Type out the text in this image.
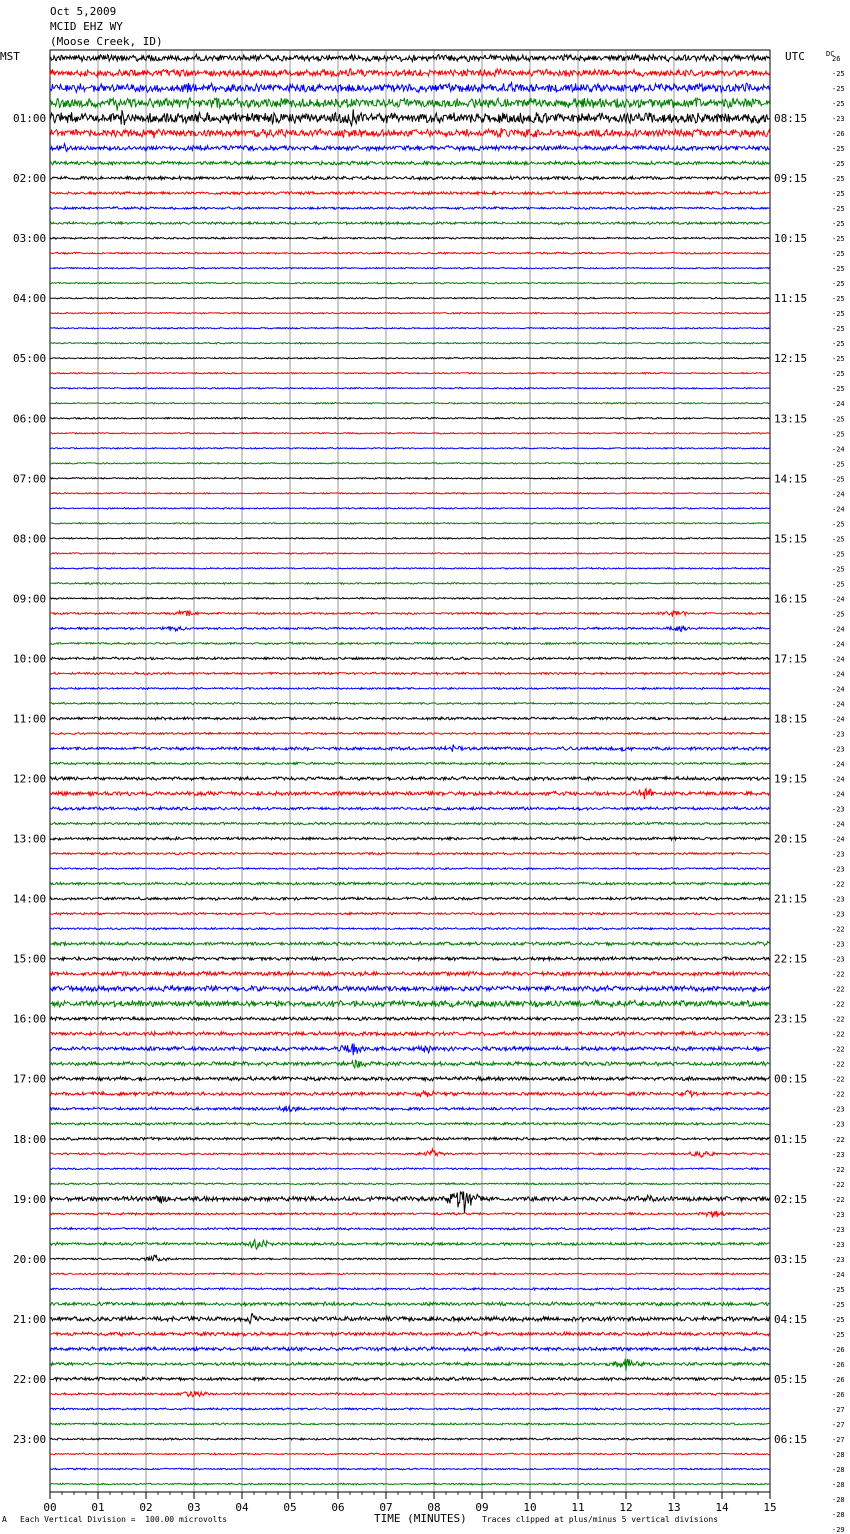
01:00
02:00
03:00
04:00
05:00
06:00
07:00
08:00
09:00
10:00
11:00
12:00
13:00
14:00
15:00
16:00
17:00
18:00
19:00
20:00
21:00
22:00
23:00
08:15
09:15
10:15
11:15
12:15
13:15
14:15
15:15
16:15
17:15
18:15
19:15
20:15
21:15
22:15
23:15
00:15
01:15
02:15
03:15
04:15
05:15
06:15
26
-25
-25
-25
-23
-26
-25
-25
-25
-25
-25
-25
-25
-25
-25
-25
-25
-25
-25
-25
-25
-25
-25
-24
-25
-25
-24
-25
-25
-24
-24
-25
-25
-25
-25
-25
-24
-25
-24
-24
-24
-24
-24
-24
-24
-23
-23
-24
-24
-24
-23
-24
-24
-23
-23
-22
-23
-23
-22
-23
-23
-22
-22
-22
-22
-22
-22
-22
-22
-22
-23
-23
-22
-23
-22
-22
-22
-23
-23
-23
-23
-24
-25
-25
-25
-25
-26
-26
-26
-26
-27
-27
-27
-28
-28
-28
-28
-28
-29
00	01	02	03	04	05	06	07	08	09	10	11	12	13	14	15
Oct 5,2009
MCID EHZ WY
(Moose Creek, ID)
MST	UTC	DC
A Each Vertical Division =  100.00 microvolts	TIME (MINUTES) Traces clipped at plus/minus 5 vertical divisions
